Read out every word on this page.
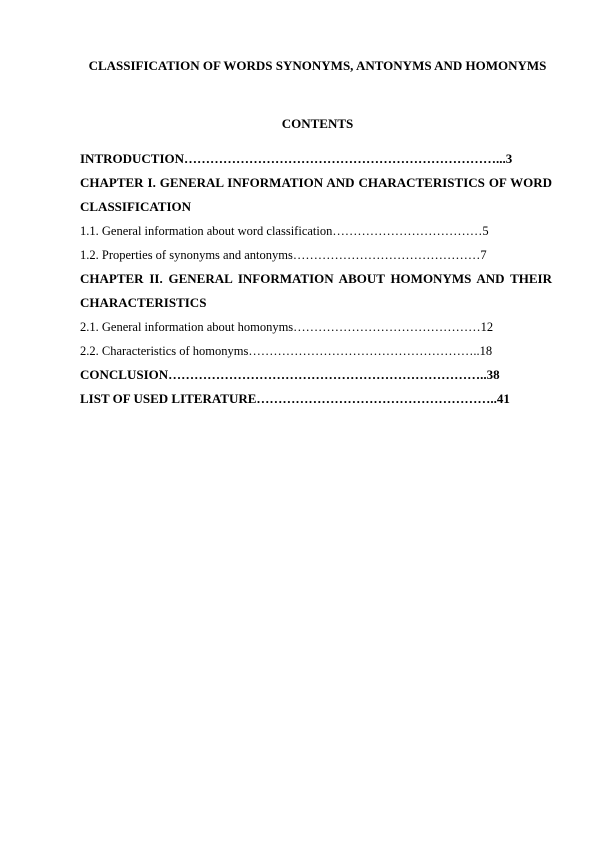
CLASSIFICATION OF WORDS SYNONYMS, ANTONYMS AND HOMONYMS
CONTENTS
INTRODUCTION………………………………………………………………...3
CHAPTER I. GENERAL INFORMATION AND CHARACTERISTICS OF WORD CLASSIFICATION
1.1. General information about word classification………………………………5
1.2. Properties of synonyms and antonyms………………………………………7
CHAPTER II. GENERAL INFORMATION ABOUT HOMONYMS AND THEIR CHARACTERISTICS
2.1. General information about homonyms………………………………………12
2.2. Characteristics of homonyms………………………………………………..18
CONCLUSION………………………………………………………………..38
LIST OF USED LITERATURE………………………………………………..41
